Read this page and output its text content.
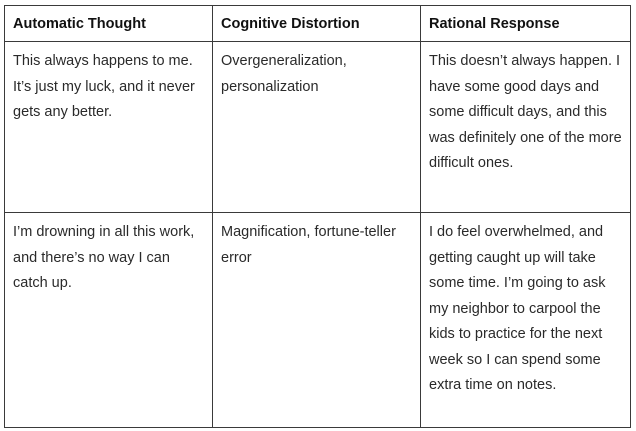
Automatic Thought	Cognitive Distortion	Rational Response
This always happens to me. It’s just my luck, and it never gets any better.	Overgeneralization, personalization	This doesn’t always happen. I have some good days and some difficult days, and this was definitely one of the more difficult ones.
I’m drowning in all this work, and there’s no way I can catch up.	Magnification, fortune-teller error	I do feel overwhelmed, and getting caught up will take some time. I’m going to ask my neighbor to carpool the kids to practice for the next week so I can spend some extra time on notes.
